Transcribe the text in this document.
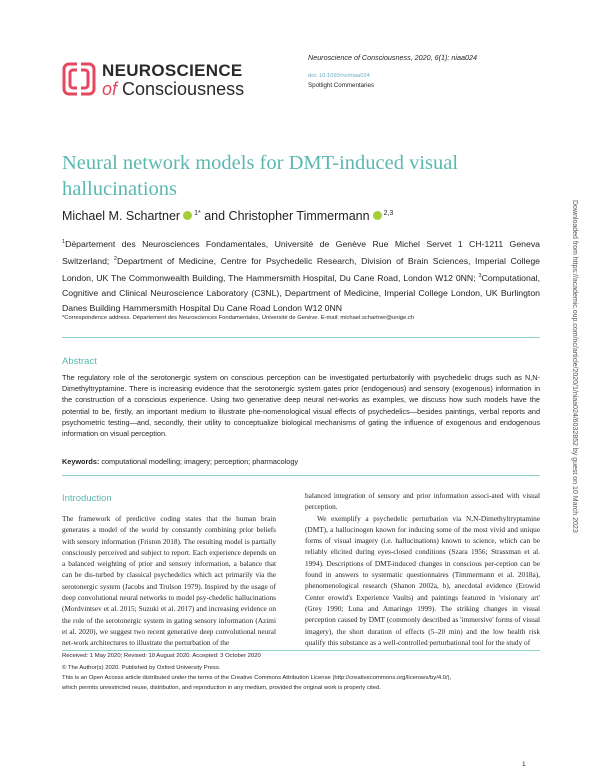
NEUROSCIENCE
of Consciousness
Neuroscience of Consciousness, 2020, 6(1): niaa024
doi: 10.1093/nc/niaa024
Spotlight Commentaries
Neural network models for DMT-induced visual hallucinations
Michael M. Schartner $^{1*}$ and Christopher Timmermann $^{2,3}$
$^1$Département des Neurosciences Fondamentales, Université de Genève Rue Michel Servet 1 CH-1211 Geneva Switzerland; $^2$Department of Medicine, Centre for Psychedelic Research, Division of Brain Sciences, Imperial College London, UK The Commonwealth Building, The Hammersmith Hospital, Du Cane Road, London W12 0NN; $^3$Computational, Cognitive and Clinical Neuroscience Laboratory (C3NL), Department of Medicine, Imperial College London, UK Burlington Danes Building Hammersmith Hospital Du Cane Road London W12 0NN
*Correspondence address. Département des Neurosciences Fondamentales, Université de Genève. E-mail: michael.schartner@unige.ch
Abstract
The regulatory role of the serotonergic system on conscious perception can be investigated perturbatorily with psychedelic drugs such as N,N-Dimethyltryptamine. There is increasing evidence that the serotonergic system gates prior (endogenous) and sensory (exogenous) information in the construction of a conscious experience. Using two generative deep neural net-works as examples, we discuss how such models have the potential to be, firstly, an important medium to illustrate phe-nomenological visual effects of psychedelics—besides paintings, verbal reports and psychometric testing—and, secondly, their utility to conceptualize biological mechanisms of gating the influence of exogenous and endogenous information on visual perception.
Keywords: computational modelling; imagery; perception; pharmacology
Introduction

The framework of predictive coding states that the human brain generates a model of the world by constantly combining prior beliefs with sensory information (Friston 2018). The resulting model is partially consciously perceived and subject to report. Each experience depends on a balanced weighting of prior and sensory information, a balance that can be dis-turbed by classical psychedelics which act primarily via the serotonergic system (Jacobs and Trulson 1979). Inspired by the usage of deep convolutional neural networks to model psy-chedelic hallucinations (Mordvintsev et al. 2015; Suzuki et al. 2017) and increasing evidence on the role of the serotonergic system in gating sensory information (Azimi et al. 2020), we suggest two recent generative deep convolutional neural net-work architectures to illustrate the perturbation of the

balanced integration of sensory and prior information associ-ated with visual perception.

We exemplify a psychedelic perturbation via N,N-Dimethyltryptamine (DMT), a hallucinogen known for inducing some of the most vivid and unique forms of visual imagery (i.e. hallucinations) known to science, which can be reliably elicited during eyes-closed conditions (Szara 1956; Strassman et al. 1994). Descriptions of DMT-induced changes in conscious per-ception can be found in answers to systematic questionnaires (Timmermann et al. 2018a), phenomenological research (Shanon 2002a, b), anecdotal evidence (Erowid Center erowid's Experience Vaults) and paintings featured in 'visionary art' (Grey 1990; Luna and Amaringo 1999). The striking changes in visual perception caused by DMT (commonly described as 'immersive' forms of visual imagery), the short duration of effects (5–20 min) and the low health risk qualify this substance as a well-controlled perturbational tool for the study of

Received: 1 May 2020; Revised: 10 August 2020. Accepted: 3 October 2020
© The Author(s) 2020. Published by Oxford University Press.
This is an Open Access article distributed under the terms of the Creative Commons Attribution License (http://creativecommons.org/licenses/by/4.0/),
which permits unrestricted reuse, distribution, and reproduction in any medium, provided the original work is properly cited.
1
Downloaded from https://academic.oup.com/nc/article/2020/1/niaa024/6032852 by guest on 10 March 2023
